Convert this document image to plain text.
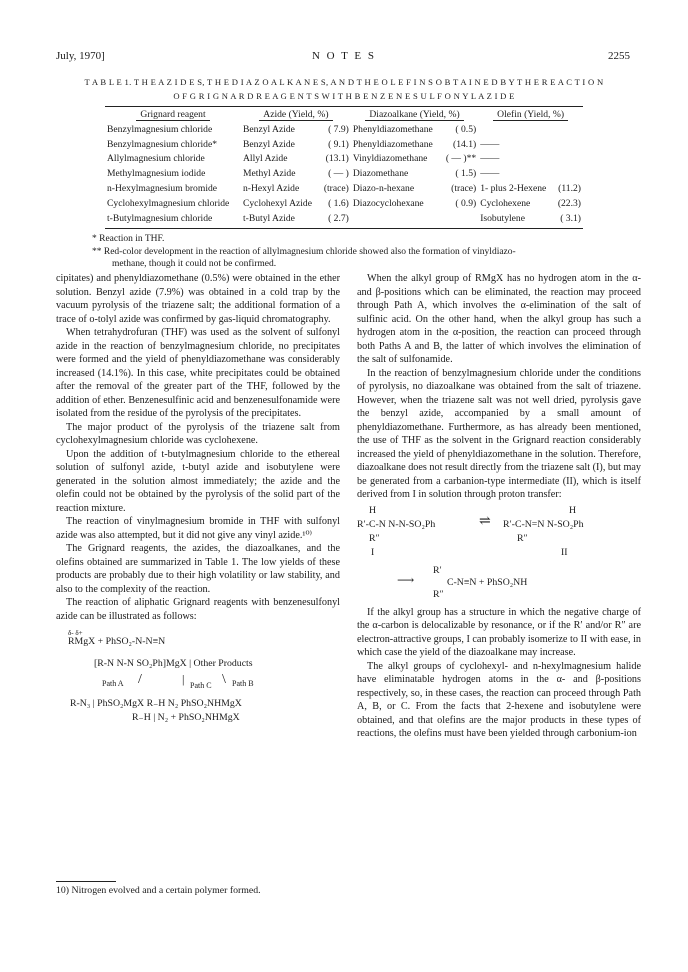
July, 1970]	N O T E S	2255
T A B L E 1. T H E A Z I D E S, T H E D I A Z O A L K A N E S, A N D T H E O L E F I N S O B T A I N E D B Y T H E R E A C T I O N
O F G R I G N A R D R E A G E N T S W I T H B E N Z E N E S U L F O N Y L A Z I D E
Grignard reagent	Azide (Yield, %)		Diazoalkane (Yield, %)		Olefin (Yield, %)	
Benzylmagnesium chloride	Benzyl Azide	( 7.9)	Phenyldiazomethane	( 0.5)		
Benzylmagnesium chloride*	Benzyl Azide	( 9.1)	Phenyldiazomethane	(14.1)	——	
Allylmagnesium chloride	Allyl Azide	(13.1)	Vinyldiazomethane	( — )**	——	
Methylmagnesium iodide	Methyl Azide	( — )	Diazomethane	( 1.5)	——	
n-Hexylmagnesium bromide	n-Hexyl Azide	(trace)	Diazo-n-hexane	(trace)	1- plus 2-Hexene	(11.2)
Cyclohexylmagnesium chloride	Cyclohexyl Azide	( 1.6)	Diazocyclohexane	( 0.9)	Cyclohexene	(22.3)
t-Butylmagnesium chloride	t-Butyl Azide	( 2.7)			Isobutylene	( 3.1)
* Reaction in THF.
** Red-color development in the reaction of allylmagnesium chloride showed also the formation of vinyldiazo-
methane, though it could not be confirmed.

cipitates) and phenyldiazomethane (0.5%) were obtained in the ether solution. Benzyl azide (7.9%) was obtained in a cold trap by the vacuum pyrolysis of the triazene salt; the additional formation of a trace of o-tolyl azide was confirmed by gas-liquid chromatography.

When tetrahydrofuran (THF) was used as the solvent of sulfonyl azide in the reaction of benzylmagnesium chloride, no precipitates were formed and the yield of phenyldiazomethane was considerably increased (14.1%). In this case, white precipitates could be obtained after the removal of the greater part of the THF, followed by the addition of ether. Benzenesulfinic acid and benzenesulfonamide were isolated from the residue of the pyrolysis of the precipitates.

The major product of the pyrolysis of the triazene salt from cyclohexylmagnesium chloride was cyclohexene.

Upon the addition of t-butylmagnesium chloride to the ethereal solution of sulfonyl azide, t-butyl azide and isobutylene were generated in the solution almost immediately; the azide and the olefin could not be obtained by the pyrolysis of the solid part of the reaction mixture.

The reaction of vinylmagnesium bromide in THF with sulfonyl azide was also attempted, but it did not give any vinyl azide.¹⁰⁾

The Grignard reagents, the azides, the diazoalkanes, and the olefins obtained are summarized in Table 1. The low yields of these products are probably due to their high volatility or law stability, and also to the complexity of the reaction.

The reaction of aliphatic Grignard reagents with benzenesulfonyl azide can be illustrated as follows:

δ- δ+
RMgX + PhSO₂-N-N≡N
[R-N N-N SO₂Ph]MgX | Other Products
Path A /	| Path C \ Path B
R-N₃ | PhSO₂MgX R₋H N₂ PhSO₂NHMgX
R₋H | N₂ + PhSO₂NHMgX
10) Nitrogen evolved and a certain polymer formed.

When the alkyl group of RMgX has no hydrogen atom in the α- and β-positions which can be eliminated, the reaction may proceed through Path A, which involves the α-elimination of the salt of sulfinic acid. On the other hand, when the alkyl group has such a hydrogen atom in the α-position, the reaction can proceed through both Paths A and B, the latter of which involves the elimination of the salt of sulfonamide.

In the reaction of benzylmagnesium chloride under the conditions of pyrolysis, no diazoalkane was obtained from the salt of triazene. However, when the triazene salt was not well dried, pyrolysis gave the benzyl azide, accompanied by a small amount of phenyldiazomethane. Furthermore, as has already been mentioned, the use of THF as the solvent in the Grignard reaction considerably increased the yield of phenyldiazomethane in the solution. Therefore, diazoalkane does not result directly from the triazene salt (I), but may be generated from a carbanion-type intermediate (II), which is itself derived from I in solution through proton transfer:

H	H
R′-C-N N-N-SO₂Ph	⇌ R′-C-N=N N-SO₂Ph
R″	R″
I	II
R′
⟶	C-N≡N + PhSO₂NH
R″

If the alkyl group has a structure in which the negative charge of the α-carbon is delocalizable by resonance, or if the R′ and/or R″ are electron-attractive groups, I can probably isomerize to II with ease, in which case the yield of the diazoalkane may increase.

The alkyl groups of cyclohexyl- and n-hexylmagnesium halide have eliminatable hydrogen atoms in the α- and β-positions respectively, so, in these cases, the reaction can proceed through Path A, B, or C. From the facts that 2-hexene and isobutylene were obtained, and that olefins are the major products in these types of reactions, the olefins must have been yielded through carbonium-ion
